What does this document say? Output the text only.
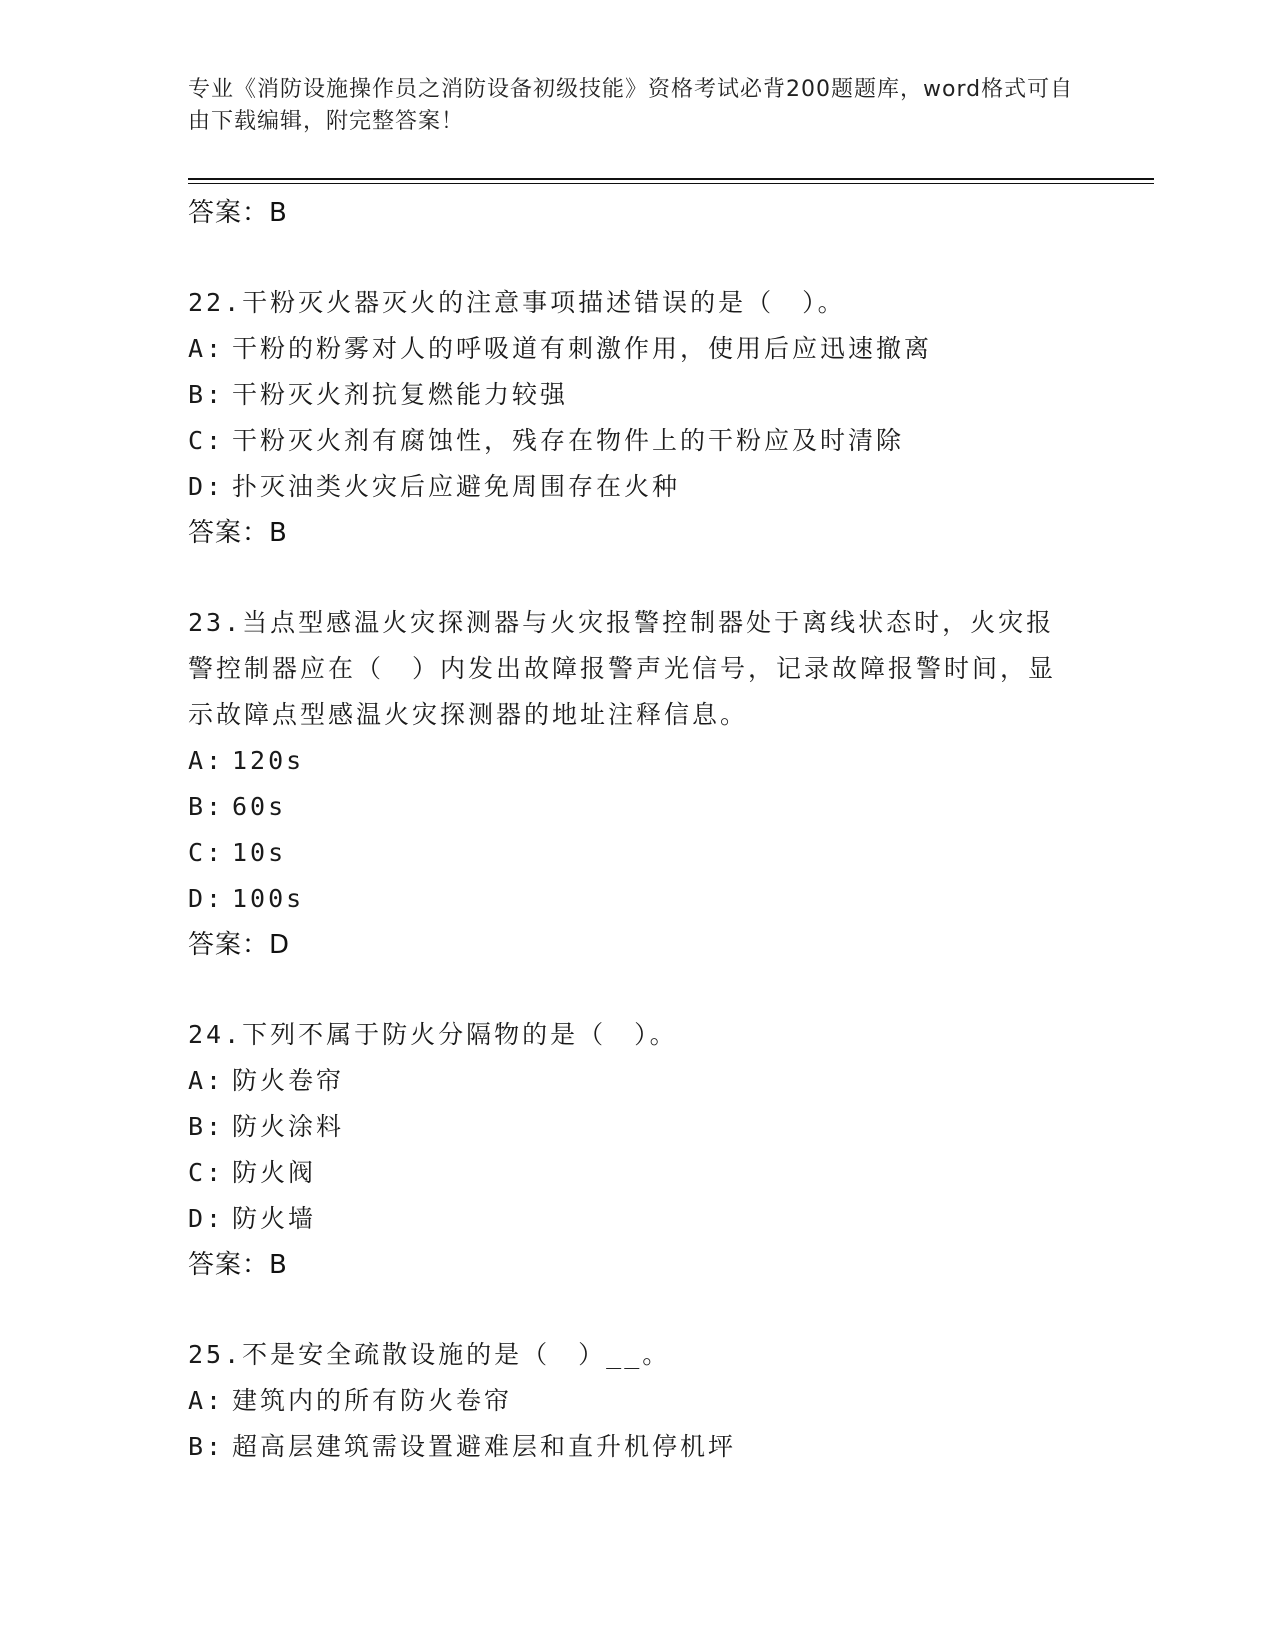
专业《消防设施操作员之消防设备初级技能》资格考试必背200题题库，word格式可自由下载编辑，附完整答案！
答案：B
22.干粉灭火器灭火的注意事项描述错误的是（　）。
A: 干粉的粉雾对人的呼吸道有刺激作用，使用后应迅速撤离
B: 干粉灭火剂抗复燃能力较强
C: 干粉灭火剂有腐蚀性，残存在物件上的干粉应及时清除
D: 扑灭油类火灾后应避免周围存在火种
答案：B
23.当点型感温火灾探测器与火灾报警控制器处于离线状态时，火灾报警控制器应在（　）内发出故障报警声光信号，记录故障报警时间，显示故障点型感温火灾探测器的地址注释信息。
A: 120s
B: 60s
C: 10s
D: 100s
答案：D
24.下列不属于防火分隔物的是（　）。
A: 防火卷帘
B: 防火涂料
C: 防火阀
D: 防火墙
答案：B
25.不是安全疏散设施的是（　）__。
A: 建筑内的所有防火卷帘
B: 超高层建筑需设置避难层和直升机停机坪
